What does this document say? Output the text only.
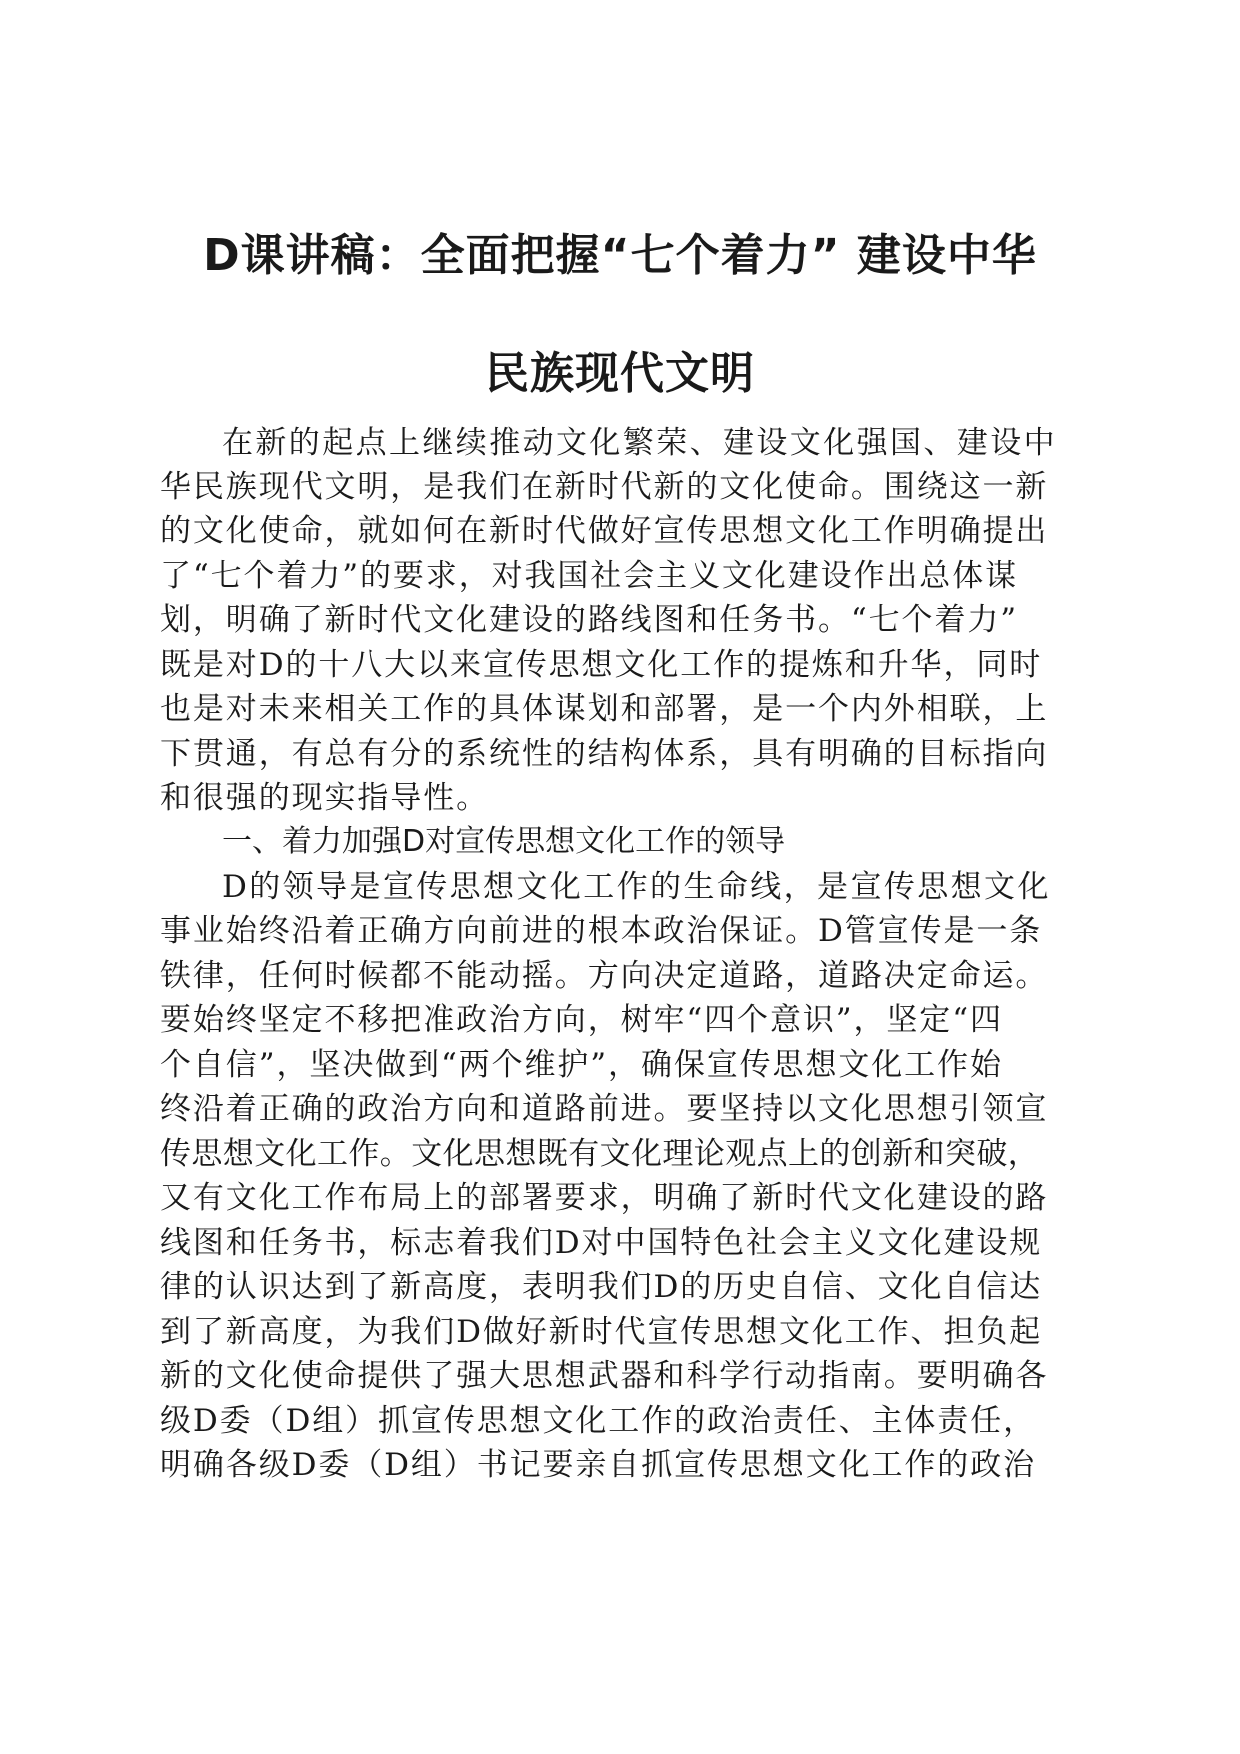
D课讲稿：全面把握“七个着力” 建设中华
民族现代文明
在新的起点上继续推动文化繁荣、建设文化强国、建设中
华民族现代文明，是我们在新时代新的文化使命。围绕这一新
的文化使命，就如何在新时代做好宣传思想文化工作明确提出
了“七个着力”的要求，对我国社会主义文化建设作出总体谋
划，明确了新时代文化建设的路线图和任务书。“七个着力”
既是对D的十八大以来宣传思想文化工作的提炼和升华，同时
也是对未来相关工作的具体谋划和部署，是一个内外相联，上
下贯通，有总有分的系统性的结构体系，具有明确的目标指向
和很强的现实指导性。
一、着力加强D对宣传思想文化工作的领导
D的领导是宣传思想文化工作的生命线，是宣传思想文化
事业始终沿着正确方向前进的根本政治保证。D管宣传是一条
铁律，任何时候都不能动摇。方向决定道路，道路决定命运。
要始终坚定不移把准政治方向，树牢“四个意识”，坚定“四
个自信”，坚决做到“两个维护”，确保宣传思想文化工作始
终沿着正确的政治方向和道路前进。要坚持以文化思想引领宣
传思想文化工作。文化思想既有文化理论观点上的创新和突破，
又有文化工作布局上的部署要求，明确了新时代文化建设的路
线图和任务书，标志着我们D对中国特色社会主义文化建设规
律的认识达到了新高度，表明我们D的历史自信、文化自信达
到了新高度，为我们D做好新时代宣传思想文化工作、担负起
新的文化使命提供了强大思想武器和科学行动指南。要明确各
级D委（D组）抓宣传思想文化工作的政治责任、主体责任，
明确各级D委（D组）书记要亲自抓宣传思想文化工作的政治
